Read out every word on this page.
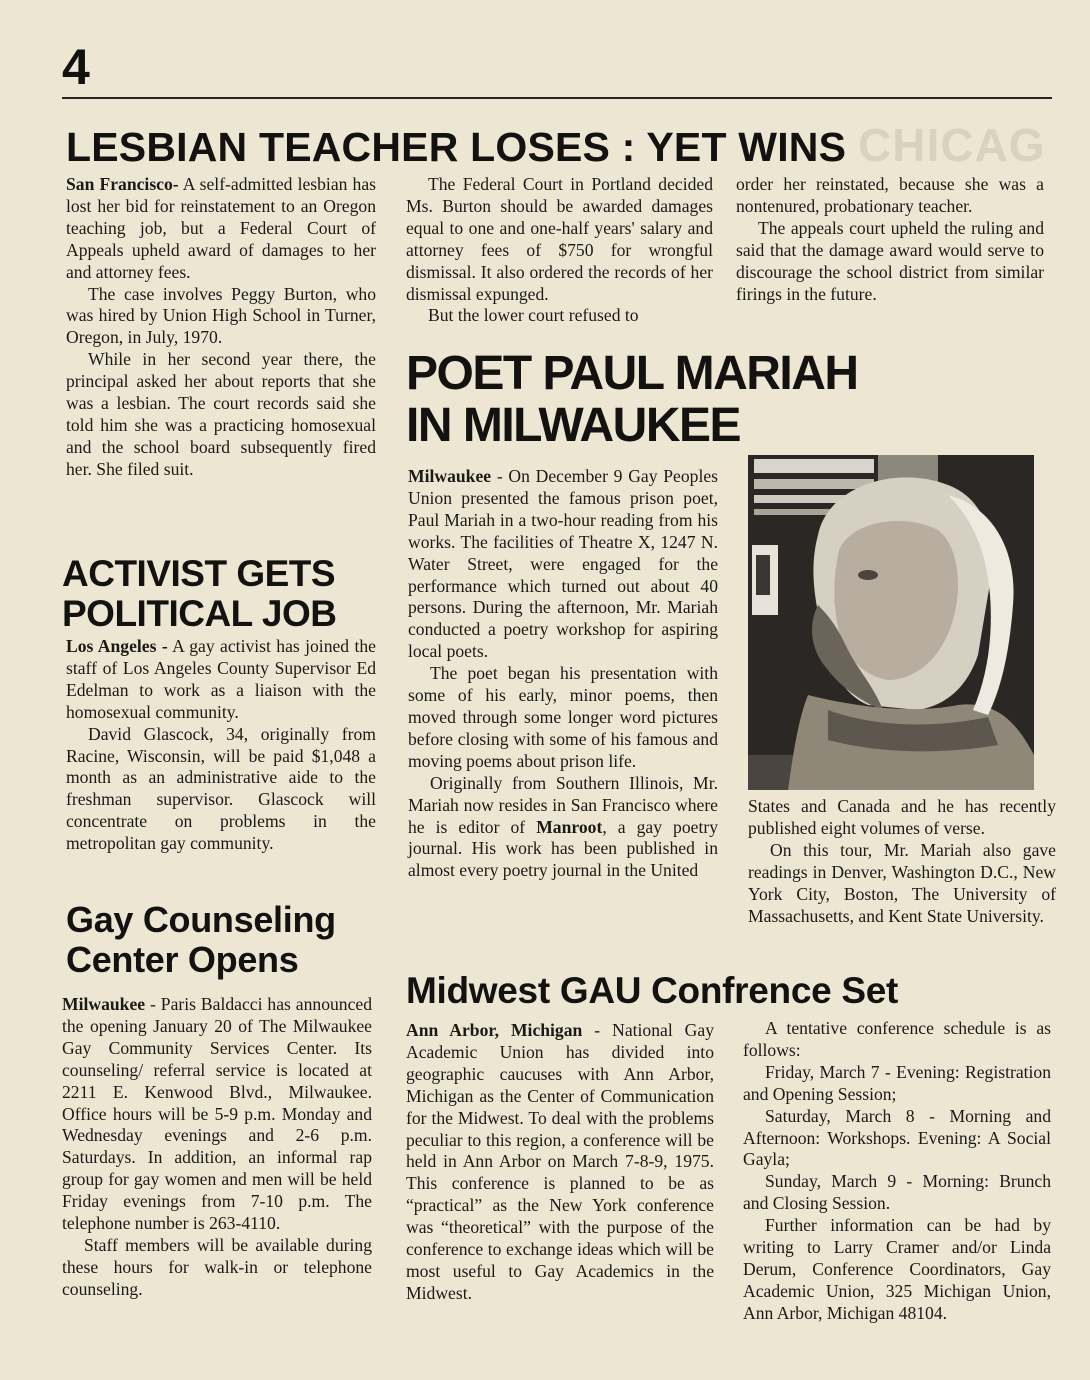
4
CHICAG
LESBIAN TEACHER LOSES : YET WINS

San Francisco- A self-admitted lesbian has lost her bid for reinstatement to an Oregon teaching job, but a Federal Court of Appeals upheld award of damages to her and attorney fees.

The case involves Peggy Burton, who was hired by Union High School in Turner, Oregon, in July, 1970.

While in her second year there, the principal asked her about reports that she was a lesbian. The court records said she told him she was a practicing homosexual and the school board subsequently fired her. She filed suit.

The Federal Court in Portland decided Ms. Burton should be awarded damages equal to one and one-half years' salary and attorney fees of $750 for wrongful dismissal. It also ordered the records of her dismissal expunged.

But the lower court refused to

order her reinstated, because she was a nontenured, probationary teacher.

The appeals court upheld the ruling and said that the damage award would serve to discourage the school district from similar firings in the future.

ACTIVIST GETS
POLITICAL JOB

Los Angeles - A gay activist has joined the staff of Los Angeles County Supervisor Ed Edelman to work as a liaison with the homosexual community.

David Glascock, 34, originally from Racine, Wisconsin, will be paid $1,048 a month as an administrative aide to the freshman supervisor. Glascock will concentrate on problems in the metropolitan gay community.

Gay Counseling
Center Opens

Milwaukee - Paris Baldacci has announced the opening January 20 of The Milwaukee Gay Community Services Center. Its counseling/ referral service is located at 2211 E. Kenwood Blvd., Milwaukee. Office hours will be 5-9 p.m. Monday and Wednesday evenings and 2-6 p.m. Saturdays. In addition, an informal rap group for gay women and men will be held Friday evenings from 7-10 p.m. The telephone number is 263-4110.

Staff members will be available during these hours for walk-in or telephone counseling.

POET PAUL MARIAH
IN MILWAUKEE

Milwaukee - On December 9 Gay Peoples Union presented the famous prison poet, Paul Mariah in a two-hour reading from his works. The facilities of Theatre X, 1247 N. Water Street, were engaged for the performance which turned out about 40 persons. During the afternoon, Mr. Mariah conducted a poetry workshop for aspiring local poets.

The poet began his presentation with some of his early, minor poems, then moved through some longer word pictures before closing with some of his famous and moving poems about prison life.

Originally from Southern Illinois, Mr. Mariah now resides in San Francisco where he is editor of Manroot, a gay poetry journal. His work has been published in almost every poetry journal in the United

States and Canada and he has recently published eight volumes of verse.

On this tour, Mr. Mariah also gave readings in Denver, Washington D.C., New York City, Boston, The University of Massachusetts, and Kent State University.

Midwest GAU Confrence Set

Ann Arbor, Michigan - National Gay Academic Union has divided into geographic caucuses with Ann Arbor, Michigan as the Center of Communication for the Midwest. To deal with the problems peculiar to this region, a conference will be held in Ann Arbor on March 7-8-9, 1975. This conference is planned to be as “practical” as the New York conference was “theoretical” with the purpose of the conference to exchange ideas which will be most useful to Gay Academics in the Midwest.

A tentative conference schedule is as follows:

Friday, March 7 - Evening: Registration and Opening Session;

Saturday, March 8 - Morning and Afternoon: Workshops. Evening: A Social Gayla;

Sunday, March 9 - Morning: Brunch and Closing Session.

Further information can be had by writing to Larry Cramer and/or Linda Derum, Conference Coordinators, Gay Academic Union, 325 Michigan Union, Ann Arbor, Michigan 48104.
